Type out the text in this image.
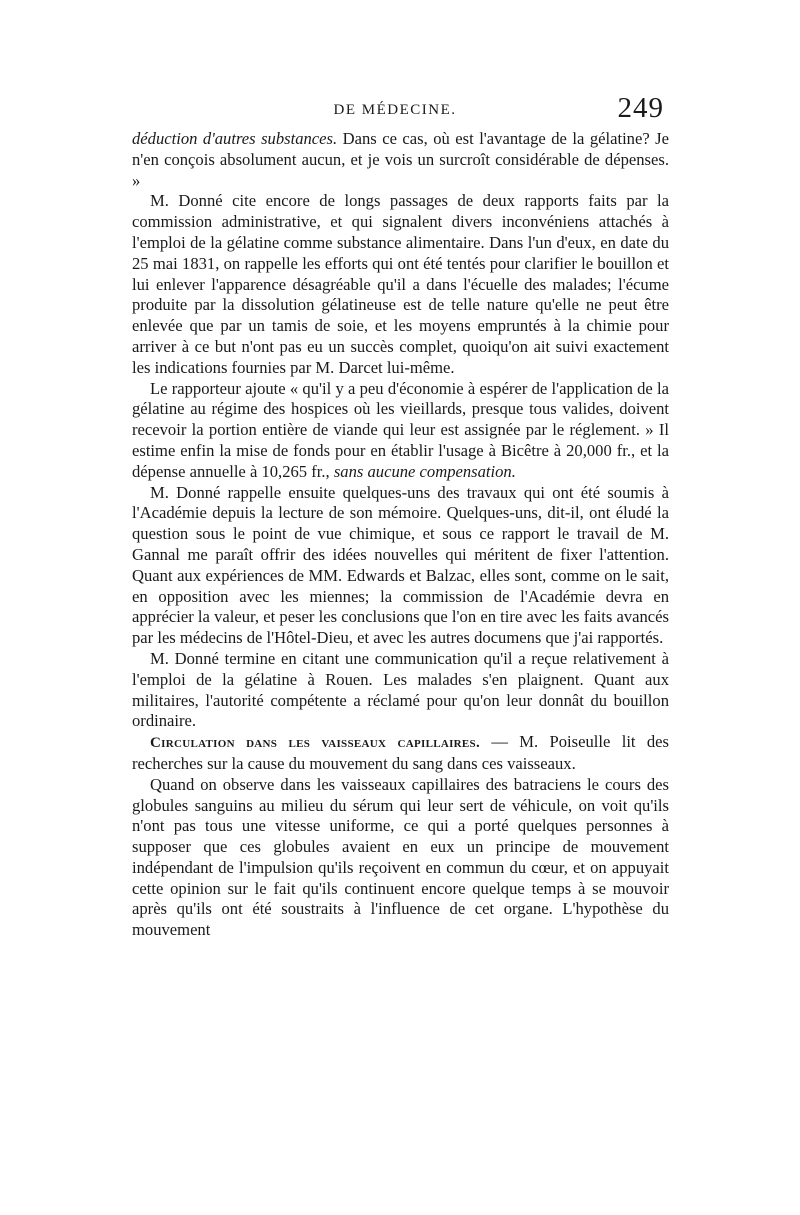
DE MÉDECINE.	249

déduction d'autres substances. Dans ce cas, où est l'avantage de la gélatine? Je n'en conçois absolument aucun, et je vois un surcroît considérable de dépenses. »

M. Donné cite encore de longs passages de deux rapports faits par la commission administrative, et qui signalent divers inconvéniens attachés à l'emploi de la gélatine comme substance alimentaire. Dans l'un d'eux, en date du 25 mai 1831, on rappelle les efforts qui ont été tentés pour clarifier le bouillon et lui enlever l'apparence désagréable qu'il a dans l'écuelle des malades; l'écume produite par la dissolution gélatineuse est de telle nature qu'elle ne peut être enlevée que par un tamis de soie, et les moyens empruntés à la chimie pour arriver à ce but n'ont pas eu un succès complet, quoiqu'on ait suivi exactement les indications fournies par M. Darcet lui-même.

Le rapporteur ajoute « qu'il y a peu d'économie à espérer de l'application de la gélatine au régime des hospices où les vieillards, presque tous valides, doivent recevoir la portion entière de viande qui leur est assignée par le réglement. » Il estime enfin la mise de fonds pour en établir l'usage à Bicêtre à 20,000 fr., et la dépense annuelle à 10,265 fr., sans aucune compensation.

M. Donné rappelle ensuite quelques-uns des travaux qui ont été soumis à l'Académie depuis la lecture de son mémoire. Quelques-uns, dit-il, ont éludé la question sous le point de vue chimique, et sous ce rapport le travail de M. Gannal me paraît offrir des idées nouvelles qui méritent de fixer l'attention. Quant aux expériences de MM. Edwards et Balzac, elles sont, comme on le sait, en opposition avec les miennes; la commission de l'Académie devra en apprécier la valeur, et peser les conclusions que l'on en tire avec les faits avancés par les médecins de l'Hôtel-Dieu, et avec les autres documens que j'ai rapportés.

M. Donné termine en citant une communication qu'il a reçue relativement à l'emploi de la gélatine à Rouen. Les malades s'en plaignent. Quant aux militaires, l'autorité compétente a réclamé pour qu'on leur donnât du bouillon ordinaire.

Circulation dans les vaisseaux capillaires. — M. Poiseulle lit des recherches sur la cause du mouvement du sang dans ces vaisseaux.

Quand on observe dans les vaisseaux capillaires des batraciens le cours des globules sanguins au milieu du sérum qui leur sert de véhicule, on voit qu'ils n'ont pas tous une vitesse uniforme, ce qui a porté quelques personnes à supposer que ces globules avaient en eux un principe de mouvement indépendant de l'impulsion qu'ils reçoivent en commun du cœur, et on appuyait cette opinion sur le fait qu'ils continuent encore quelque temps à se mouvoir après qu'ils ont été soustraits à l'influence de cet organe. L'hypothèse du mouvement
